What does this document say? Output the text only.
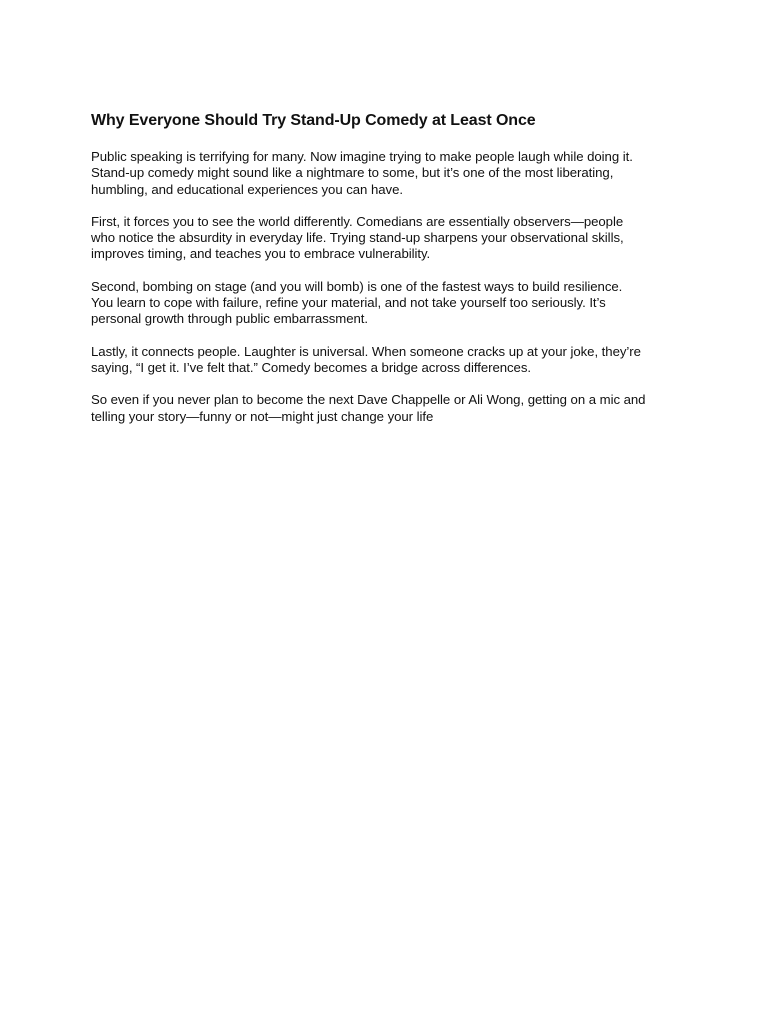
Why Everyone Should Try Stand-Up Comedy at Least Once

Public speaking is terrifying for many. Now imagine trying to make people laugh while doing it.
Stand-up comedy might sound like a nightmare to some, but it’s one of the most liberating,
humbling, and educational experiences you can have.

First, it forces you to see the world differently. Comedians are essentially observers—people
who notice the absurdity in everyday life. Trying stand-up sharpens your observational skills,
improves timing, and teaches you to embrace vulnerability.

Second, bombing on stage (and you will bomb) is one of the fastest ways to build resilience.
You learn to cope with failure, refine your material, and not take yourself too seriously. It’s
personal growth through public embarrassment.

Lastly, it connects people. Laughter is universal. When someone cracks up at your joke, they’re
saying, “I get it. I’ve felt that.” Comedy becomes a bridge across differences.

So even if you never plan to become the next Dave Chappelle or Ali Wong, getting on a mic and
telling your story—funny or not—might just change your life
